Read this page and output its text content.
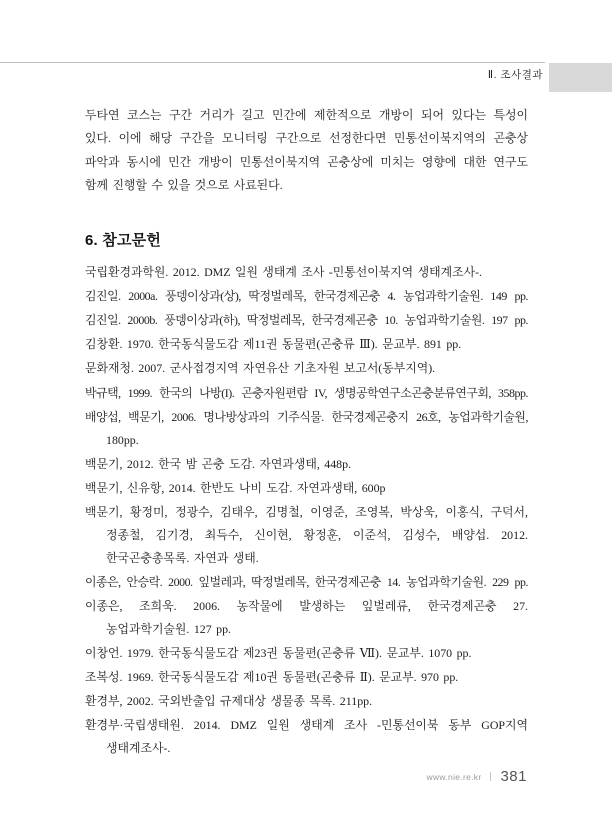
Ⅱ. 조사결과
두타연 코스는 구간 거리가 길고 민간에 제한적으로 개방이 되어 있다는 특성이
있다. 이에 해당 구간을 모니터링 구간으로 선정한다면 민통선이북지역의 곤충상
파악과 동시에 민간 개방이 민통선이북지역 곤충상에 미치는 영향에 대한 연구도
함께 진행할 수 있을 것으로 사료된다.
6. 참고문헌
국립환경과학원. 2012. DMZ 일원 생태계 조사 -민통선이북지역 생태계조사-.
김진일. 2000a. 풍뎅이상과(상), 딱정벌레목, 한국경제곤충 4. 농업과학기술원. 149 pp.
김진일. 2000b. 풍뎅이상과(하), 딱정벌레목, 한국경제곤충 10. 농업과학기술원. 197 pp.
김창환. 1970. 한국동식물도감 제11권 동물편(곤충류 Ⅲ). 문교부. 891 pp.
문화재청. 2007. 군사접경지역 자연유산 기초자원 보고서(동부지역).
박규택, 1999. 한국의 나방(I). 곤충자원편람 IV, 생명공학연구소곤충분류연구회, 358pp.
배양섭, 백문기, 2006. 명나방상과의 기주식물. 한국경제곤충지 26호, 농업과학기술원,
180pp.
백문기, 2012. 한국 밤 곤충 도감. 자연과생태, 448p.
백문기, 신유항, 2014. 한반도 나비 도감. 자연과생태, 600p
백문기, 황정미, 정광수, 김태우, 김명철, 이영준, 조영복, 박상욱, 이홍식, 구덕서,
정종철, 김기경, 최득수, 신이현, 황정훈, 이준석, 김성수, 배양섭. 2012.
한국곤충총목록. 자연과 생태.
이종은, 안승락. 2000. 잎벌레과, 딱정벌레목, 한국경제곤충 14. 농업과학기술원. 229 pp.
이종은, 조희욱. 2006. 농작물에 발생하는 잎벌레류, 한국경제곤충 27.
농업과학기술원. 127 pp.
이창언. 1979. 한국동식물도감 제23권 동물편(곤충류 Ⅶ). 문교부. 1070 pp.
조복성. 1969. 한국동식물도감 제10권 동물편(곤충류 Ⅱ). 문교부. 970 pp.
환경부, 2002. 국외반출입 규제대상 생물종 목록. 211pp.
환경부·국립생태원. 2014. DMZ 일원 생태계 조사 -민통선이북 동부 GOP지역
생태계조사-.
www.nie.re.kr 381
